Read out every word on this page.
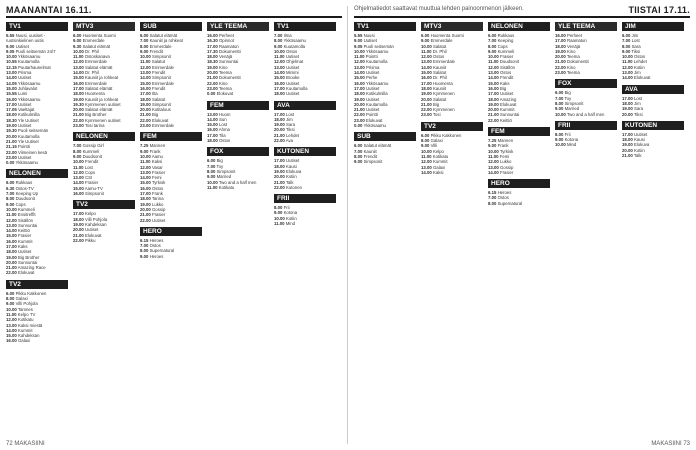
MAANANTAI 16.11.
TV1

5.55 Nuusi, uusiset - ruotsinkielinen uutis

9.00 Uutiset

9.05 Puoli seitsemän 24/7

10.00 Ykkösaamu

10.55 Kuutamolla

12.15 Puutarhaunelmat

13.00 Prisma

14.00 Uutiset

14.05 Ykkösaamu

15.00 Juhlavalot

15.55 Lumi

16.00 Ykkösaamu

17.00 Uutiset

17.05 Vaeltajat

18.00 Kotikulmilla

18.30 Yle Uutiset

19.00 Uutiset

19.30 Puoli seitsemän

20.00 Kuutamolla

21.00 Yle Uutiset

21.15 Pointti

22.00 Viimeinen kesä

23.00 Uutiset

0.00 Ykkösaamu

NELONEN

6.00 Rukkaus

6.30 Ostos-TV

7.00 Keeping Up

8.00 Duudsonit

9.00 Cops

10.00 Kummeli

11.00 Ensitreffit

12.00 Sisällön

13.00 Sunnuntai

14.00 Keittiö

15.00 Frasier

16.00 Kummit

17.00 Kaks

18.00 Uutiset

19.00 Big Brother

20.00 Sunnuntai

21.00 Amazing Race

22.00 Elokuvat

TV2

6.00 Pikku Kakkonen

8.00 Galaxi

9.00 Villi Pohjola

10.00 Tamnes

11.00 Kelpo TV

12.00 Kotikatu

13.00 Kaksi miestä

14.00 Kummit

15.00 Kahdeksan

16.00 Galaxi

MTV3

6.00 Huomenta Suomi

9.00 Emmerdale

9.30 Salatut elämät

10.00 Dr. Phil

11.00 Ostoskanava

12.00 Emmerdale

13.00 Salatut elämät

14.00 Dr. Phil

15.00 Kauniit ja rohkeat

16.00 Emmerdale

17.00 Salatut elämät

18.00 Huomenta

19.00 Kauniit ja rohkeat

19.30 Kymmenen uutiset

20.00 Salatut elämät

21.00 Big Brother

22.00 Kymmenen uutiset

23.00 Tosi tarina

NELONEN

7.00 Gossip Girl

8.00 Kummeli

9.00 Duudsonit

10.00 Frendit

11.00 Lost

12.00 Cops

13.00 CSI

14.00 Frasier

15.00 Aamu-TV

16.00 Simpsonit

TV2

17.00 Kelpo

18.00 Villi Pohjola

19.00 Kahdeksan

20.00 Uutiset

21.00 Elokuvat

22.00 Pikku

SUB

6.00 Salatut elämät

7.00 Kauniit ja rohkeat

8.00 Emmerdale

9.00 Frendit

10.00 Simpsonit

11.00 Salatut

12.00 Emmerdale

13.00 Frendit

14.00 Simpsonit

15.00 Emmerdale

16.00 Frendit

17.00 Ilta

18.00 Salatut

19.00 Simpsonit

20.00 Kotitalous

21.00 Big

22.00 Elokuvat

23.00 Emmerdale

FEM

7.25 Mannen

9.00 Frank

10.00 Aamu

11.00 Kaksi

12.00 Vasar

13.00 Frasier

14.00 Femi

15.00 Tyrkisk

16.00 Ostos

17.00 Frank

18.00 Tarina

19.00 Lukko

20.00 Gossip

21.00 Frasier

22.00 Uutiset

HERO

6.15 Heroes

7.00 Ostos

8.00 Supernatural

9.00 Heroes

YLE TEEMA

16.00 Perheet

16.30 Opinnot

17.00 Raamatun

17.30 Dokumentti

18.00 Venäjä

18.30 Sunnuntai

19.00 Kino

20.00 Teema

21.00 Dokumentit

22.00 Kino

23.00 Teema

0.00 Elokuvat

FEM

13.00 Huom

14.00 Sun

15.00 Lost

16.00 Ahma

17.00 Tila

18.00 Ostos

FOX

6.00 Big

7.00 Toy

8.00 Simpsonit

9.00 Married

10.00 Two and a half men

11.00 Kotikatu

TV1

7.00 Ilma

8.00 Ykkösaamu

9.00 Kuutamolla

10.00 Ostos

11.00 Uutiset

12.00 Ohjelmat

13.00 Uutiset

14.00 Mimmi

15.00 Brooke

16.00 Uutiset

17.00 Kuutamolla

18.00 Uutiset

AVA

17.00 Lost

18.00 Jim

19.00 Sara

20.00 Tiksi

21.00 Lehdet

22.00 Ava

KUTONEN

17.00 Uutiset

18.00 Kausi

19.00 Elokuva

20.00 Kotiin

21.00 Talk

22.00 Kutonen

FRII

8.00 Frii

9.00 Kotona

10.00 Kotiin

11.00 Mind

72 MAKASIINI
Ohjelmatiedot saattavat muuttua lehden painoonmenon jälkeen.	TIISTAI 17.11.
TV1

5.55 Nuusi

9.00 Uutiset

9.05 Puoli seitsemän

10.00 Ykkösaamu

11.00 Pointti

12.00 Kuutamolla

13.00 Prisma

14.00 Uutiset

15.00 Perhe

16.00 Ykkösaamu

17.00 Uutiset

18.00 Kotikulmilla

19.00 Uutiset

20.00 Kuutamolla

21.00 Uutiset

22.00 Pointti

23.00 Elokuvat

0.00 Ykkösaamu

SUB

6.00 Salatut elämät

7.00 Kauniit

8.00 Frendit

9.00 Simpsonit

MTV3

6.00 Huomenta Suomi

9.00 Emmerdale

10.00 Salatut

11.00 Dr. Phil

12.00 Ostos

13.00 Emmerdale

14.00 Kauniit

15.00 Salatut

16.00 Dr. Phil

17.00 Huomenta

18.00 Kauniit

19.00 Kymmenen

20.00 Salatut

21.00 Big

22.00 Kymmenen

23.00 Tosi

TV2

6.00 Pikku Kakkonen

8.00 Galaxi

9.00 Villi

10.00 Kelpo

11.00 Kotikatu

12.00 Kummit

13.00 Galaxi

14.00 Kaksi

NELONEN

6.00 Rukkaus

7.00 Keeping

8.00 Cops

9.00 Kummeli

10.00 Frasier

11.00 Duudsonit

12.00 Sisällön

13.00 Ostos

14.00 Frendit

15.00 Kaks

16.00 Big

17.00 Uutiset

18.00 Amazing

19.00 Elokuvat

20.00 Kummit

21.00 Sunnuntai

22.00 Keittiö

FEM

7.25 Mannen

9.00 Frank

10.00 Tyrkisk

11.00 Femi

12.00 Lukko

13.00 Gossip

14.00 Frasier

HERO

6.15 Heroes

7.00 Ostos

8.00 Supernatural

YLE TEEMA

16.00 Perheet

17.00 Raamatun

18.00 Venäjä

19.00 Kino

20.00 Teema

21.00 Dokumentit

22.00 Kino

23.00 Teema

FOX

6.00 Big

7.00 Toy

8.00 Simpsonit

9.00 Married

10.00 Two and a half men

FRII

8.00 Frii

9.00 Kotona

10.00 Mind

JIM

6.00 Jim

7.00 Lost

8.00 Sara

9.00 Tiksi

10.00 Ostos

11.00 Lehdet

12.00 Kotiin

13.00 Jim

14.00 Elokuvat

AVA

17.00 Lost

18.00 Jim

19.00 Sara

20.00 Tiksi

KUTONEN

17.00 Uutiset

18.00 Kausi

19.00 Elokuva

20.00 Kotiin

21.00 Talk

MAKASIINI 73
